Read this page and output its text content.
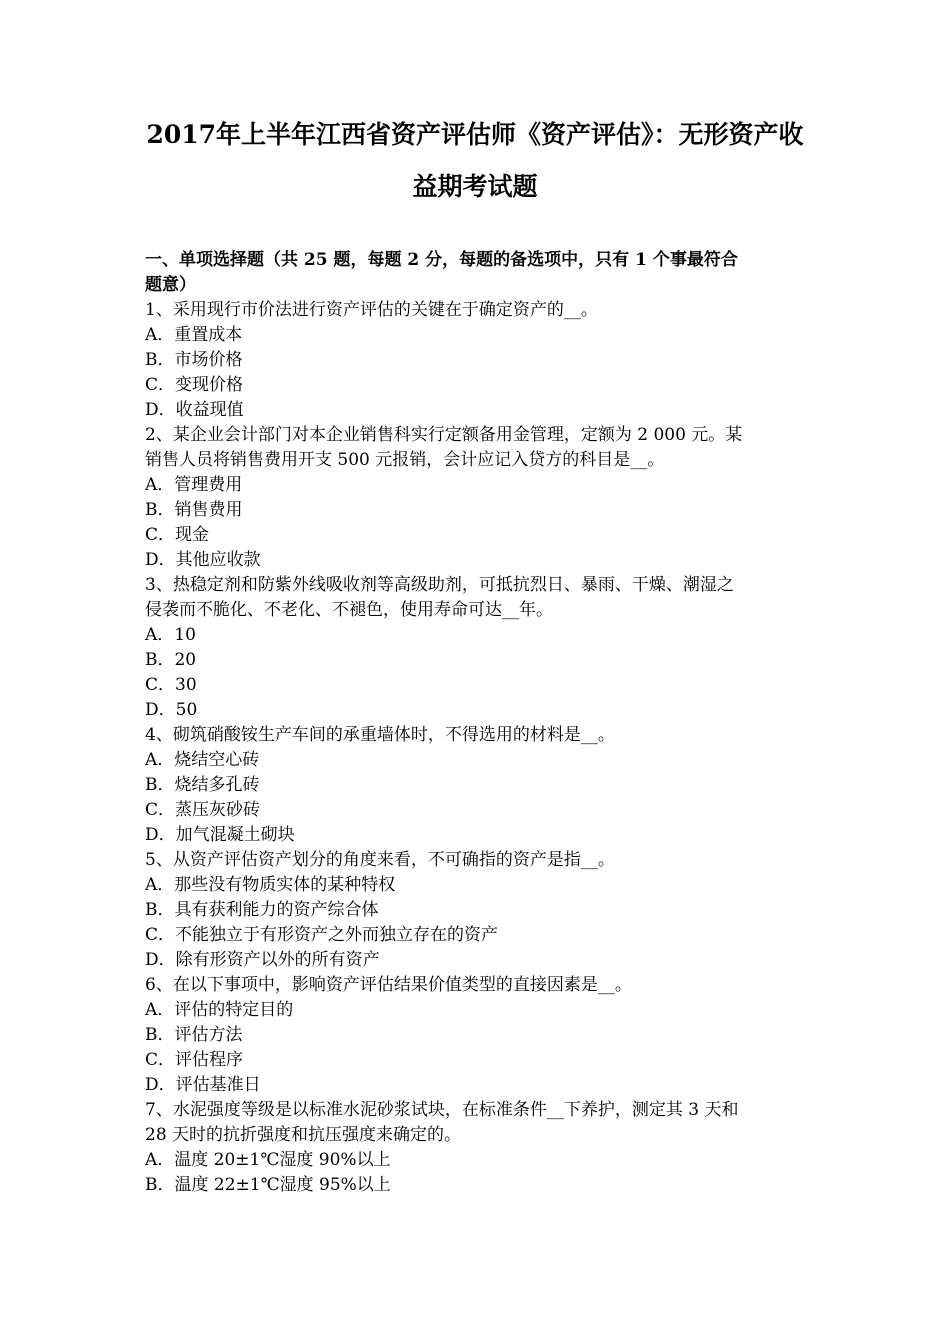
2017年上半年江西省资产评估师《资产评估》：无形资产收
益期考试题
一、单项选择题（共 25 题，每题 2 分，每题的备选项中，只有 1 个事最符合
题意）
1、采用现行市价法进行资产评估的关键在于确定资产的__。
A．重置成本
B．市场价格
C．变现价格
D．收益现值
2、某企业会计部门对本企业销售科实行定额备用金管理，定额为 2 000 元。某
销售人员将销售费用开支 500 元报销，会计应记入贷方的科目是__。
A．管理费用
B．销售费用
C．现金
D．其他应收款
3、热稳定剂和防紫外线吸收剂等高级助剂，可抵抗烈日、暴雨、干燥、潮湿之
侵袭而不脆化、不老化、不褪色，使用寿命可达__年。
A．10
B．20
C．30
D．50
4、砌筑硝酸铵生产车间的承重墙体时，不得选用的材料是__。
A．烧结空心砖
B．烧结多孔砖
C．蒸压灰砂砖
D．加气混凝土砌块
5、从资产评估资产划分的角度来看，不可确指的资产是指__。
A．那些没有物质实体的某种特权
B．具有获利能力的资产综合体
C．不能独立于有形资产之外而独立存在的资产
D．除有形资产以外的所有资产
6、在以下事项中，影响资产评估结果价值类型的直接因素是__。
A．评估的特定目的
B．评估方法
C．评估程序
D．评估基准日
7、水泥强度等级是以标准水泥砂浆试块，在标准条件__下养护，测定其 3 天和
28 天时的抗折强度和抗压强度来确定的。
A．温度 20±1℃湿度 90%以上
B．温度 22±1℃湿度 95%以上
